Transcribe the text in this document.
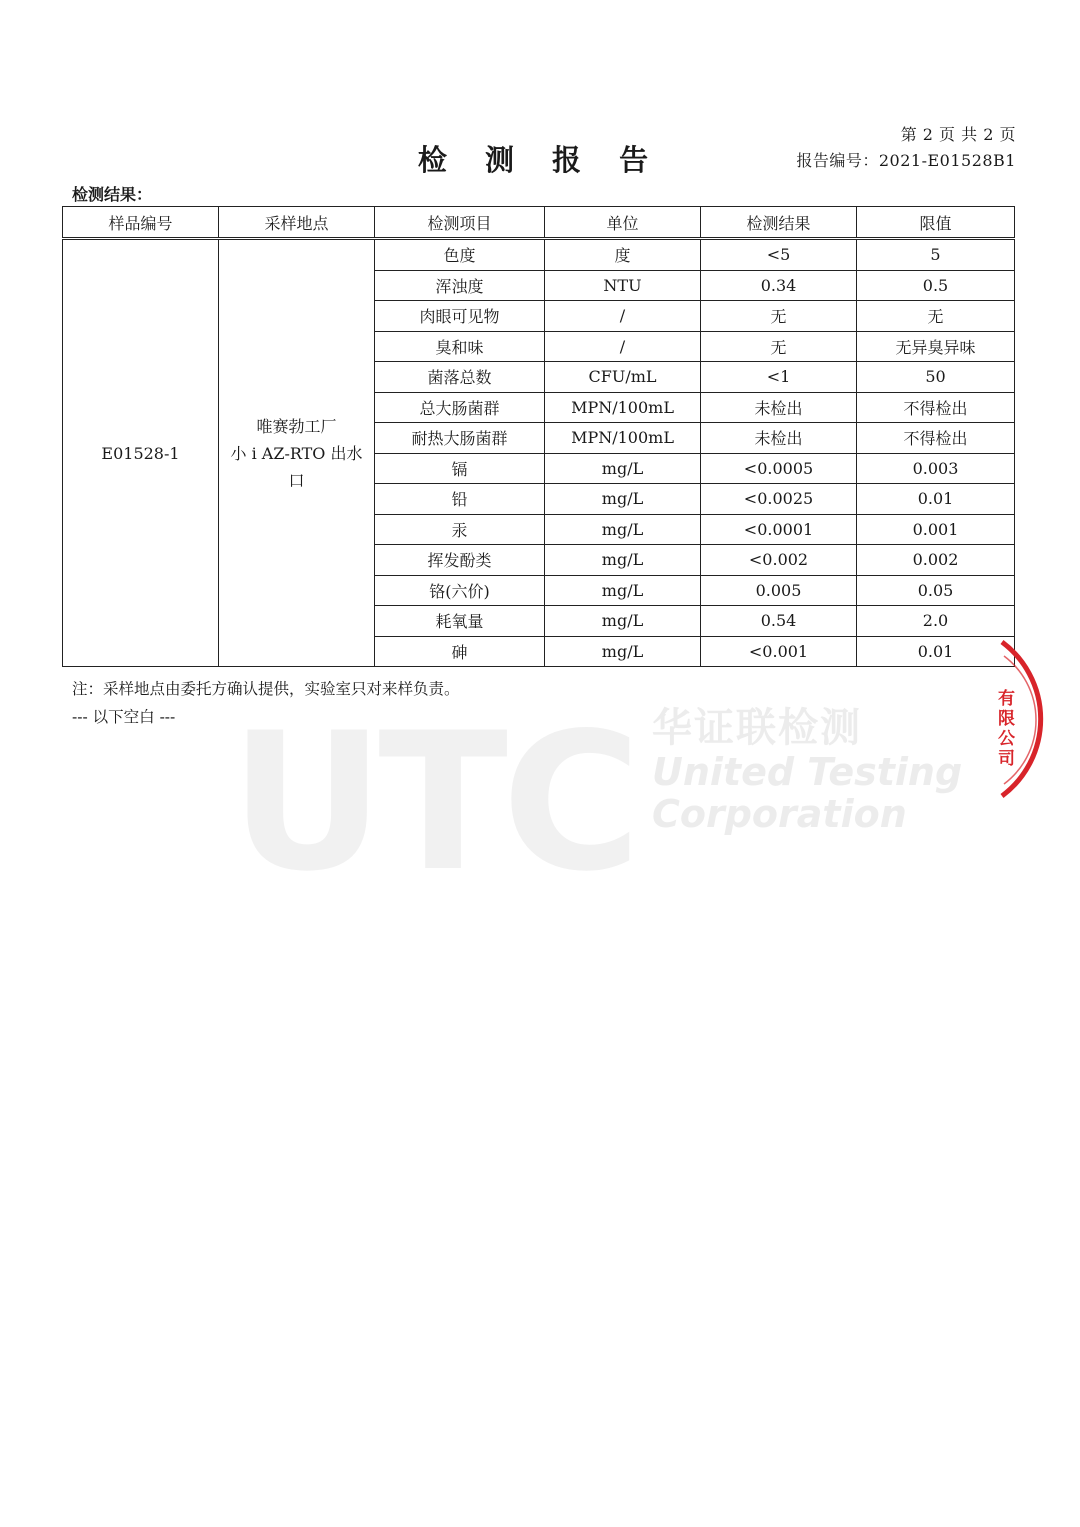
UTC 华证联检测
United Testing
Corporation
第 2 页 共 2 页
报告编号：2021-E01528B1
检 测 报 告
检测结果：
样品编号	采样地点	检测项目	单位	检测结果	限值
E01528-1	唯赛勃工厂
小 i AZ-RTO 出水
口	色度	度	<5	5
		浑浊度	NTU	0.34	0.5
		肉眼可见物	/	无	无
		臭和味	/	无	无异臭异味
		菌落总数	CFU/mL	<1	50
		总大肠菌群	MPN/100mL	未检出	不得检出
		耐热大肠菌群	MPN/100mL	未检出	不得检出
		镉	mg/L	<0.0005	0.003
		铅	mg/L	<0.0025	0.01
		汞	mg/L	<0.0001	0.001
		挥发酚类	mg/L	<0.002	0.002
		铬(六价)	mg/L	0.005	0.05
		耗氧量	mg/L	0.54	2.0
		砷	mg/L	<0.001	0.01
注：采样地点由委托方确认提供，实验室只对来样负责。
--- 以下空白 ---	有限公司
